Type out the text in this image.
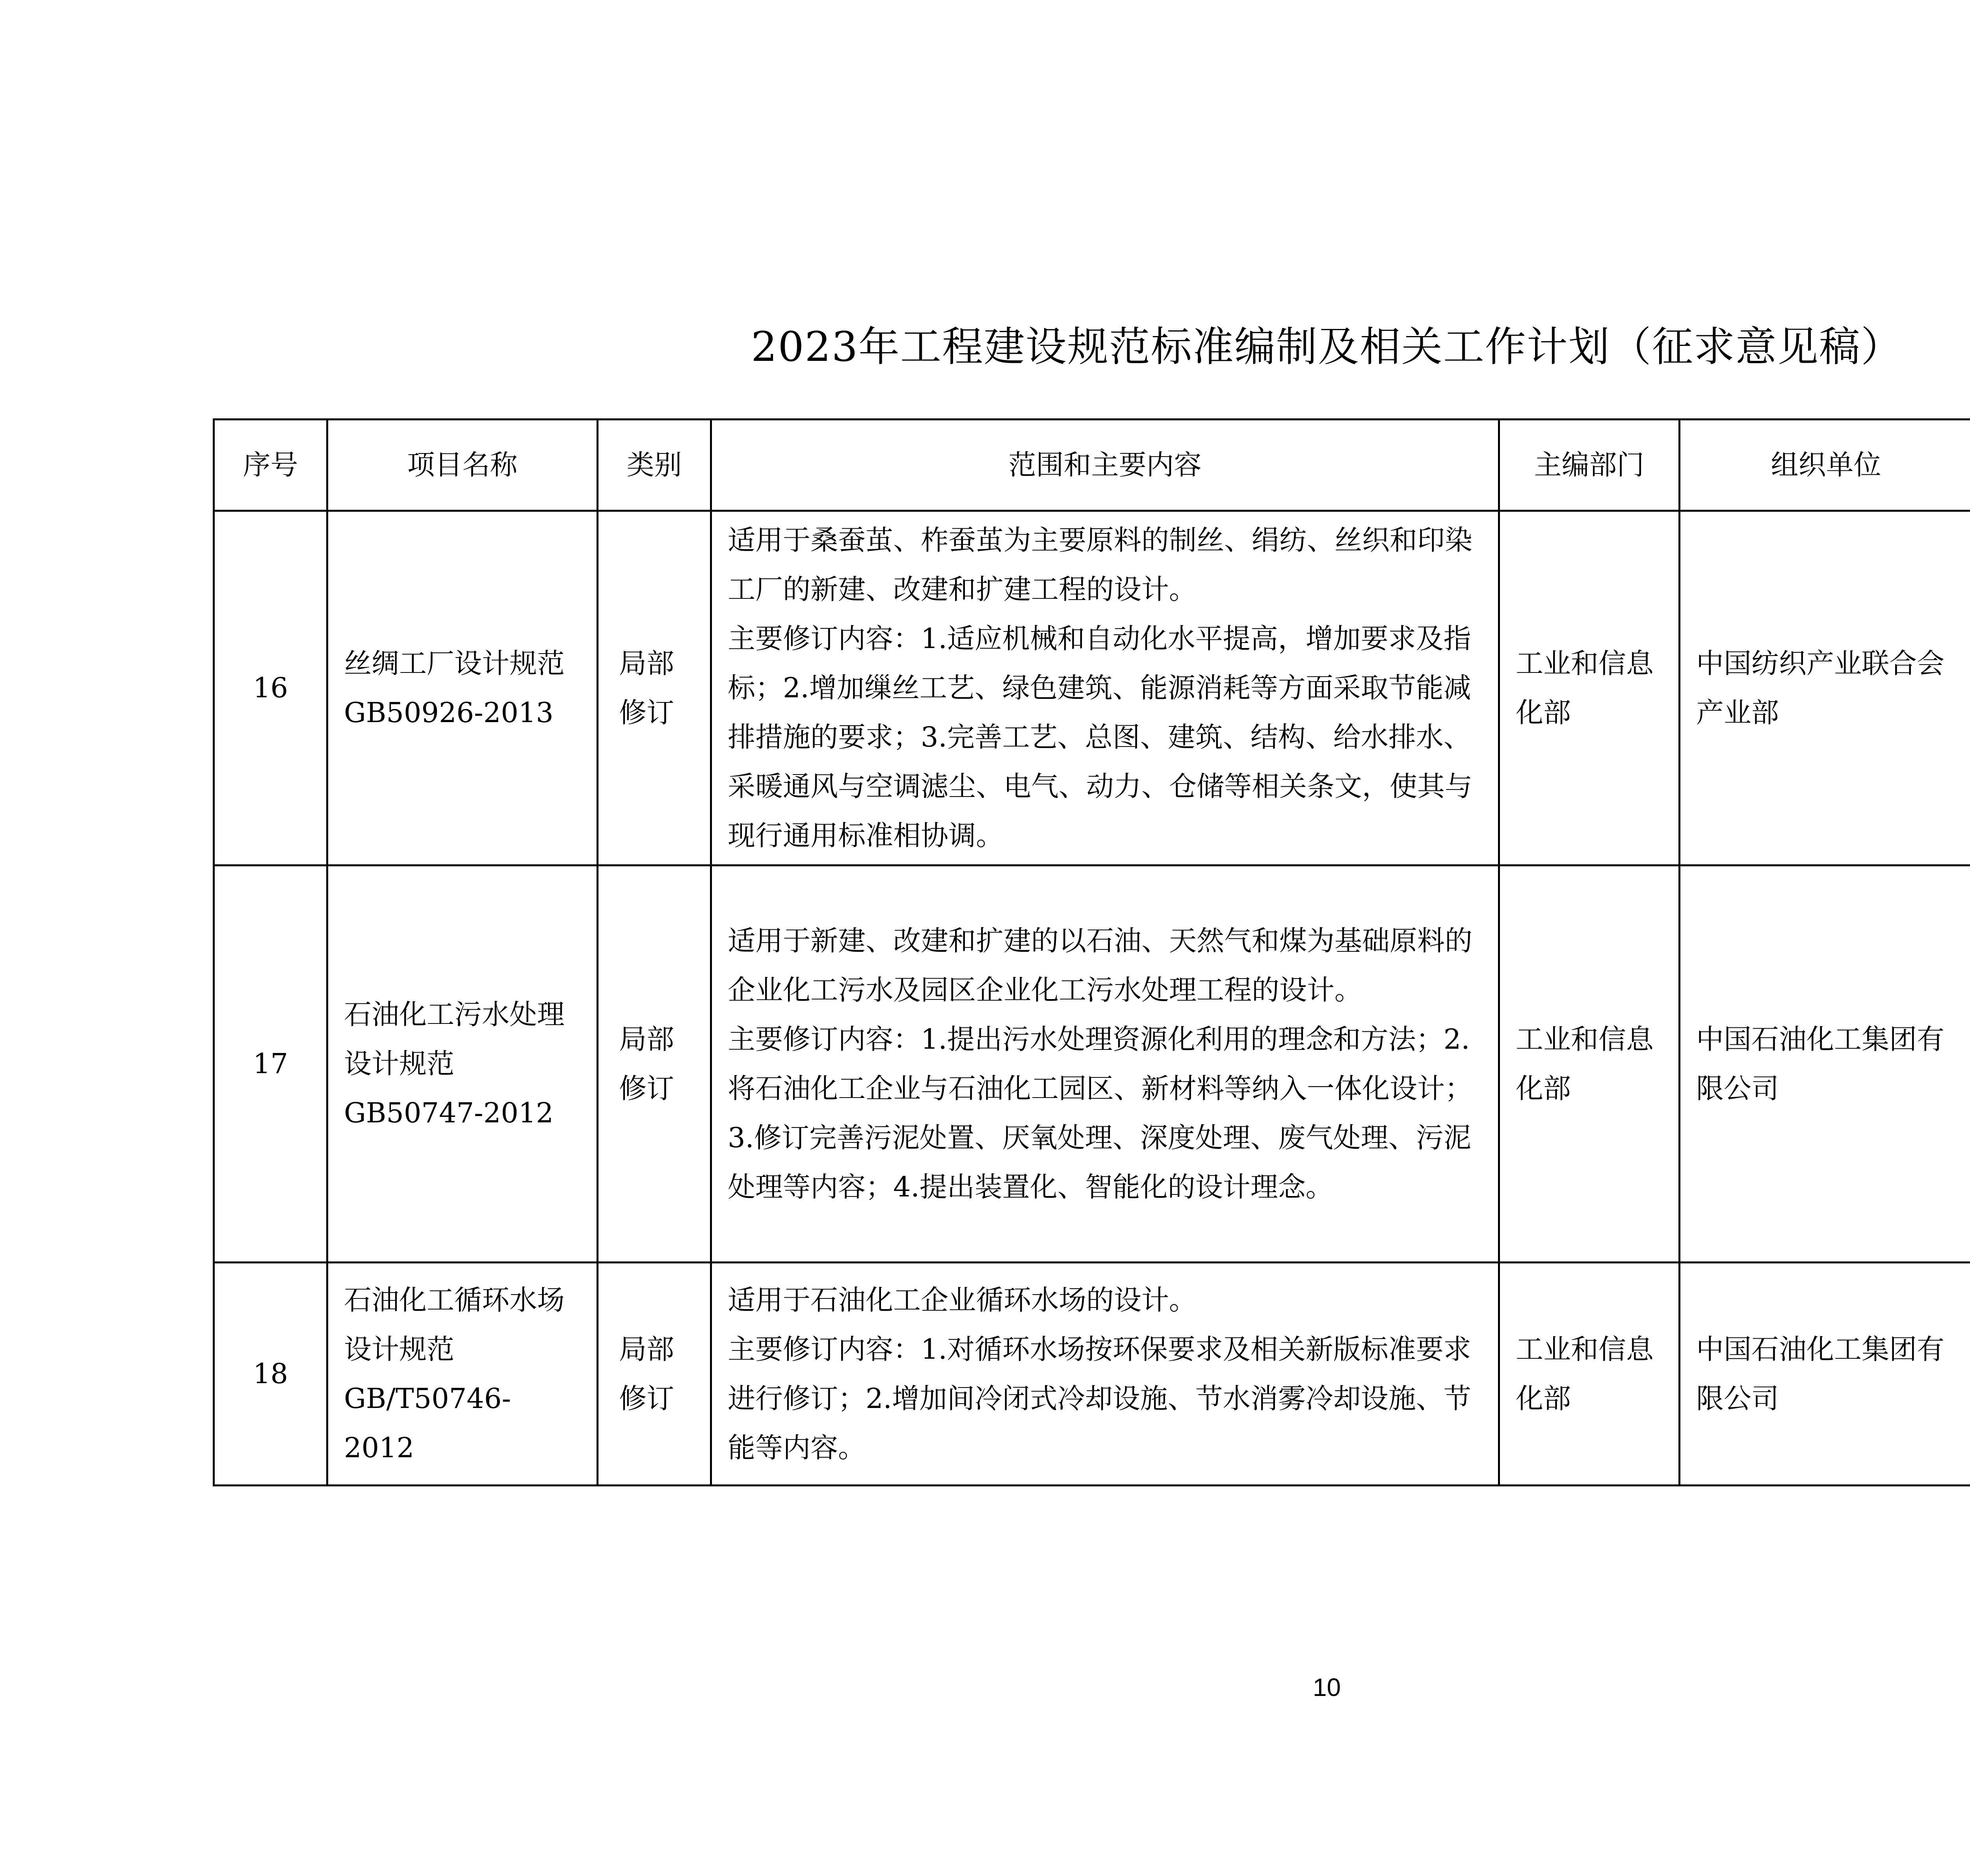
2023年工程建设规范标准编制及相关工作计划（征求意见稿）
序号	项目名称	类别	范围和主要内容	主编部门	组织单位		
16	丝绸工厂设计规范GB50926-2013	局部修订	适用于桑蚕茧、柞蚕茧为主要原料的制丝、绢纺、丝织和印染工厂的新建、改建和扩建工程的设计。
主要修订内容：1.适应机械和自动化水平提高，增加要求及指标；2.增加缫丝工艺、绿色建筑、能源消耗等方面采取节能减排措施的要求；3.完善工艺、总图、建筑、结构、给水排水、采暖通风与空调滤尘、电气、动力、仓储等相关条文，使其与现行通用标准相协调。	工业和信息化部	中国纺织产业联合会产业部		
17	石油化工污水处理设计规范GB50747-2012	局部修订	适用于新建、改建和扩建的以石油、天然气和煤为基础原料的企业化工污水及园区企业化工污水处理工程的设计。
主要修订内容：1.提出污水处理资源化利用的理念和方法；2.将石油化工企业与石油化工园区、新材料等纳入一体化设计；3.修订完善污泥处置、厌氧处理、深度处理、废气处理、污泥处理等内容；4.提出装置化、智能化的设计理念。	工业和信息化部	中国石油化工集团有限公司		
18	石油化工循环水场设计规范GB/T50746-2012	局部修订	适用于石油化工企业循环水场的设计。
主要修订内容：1.对循环水场按环保要求及相关新版标准要求进行修订；2.增加间冷闭式冷却设施、节水消雾冷却设施、节能等内容。	工业和信息化部	中国石油化工集团有限公司		
10
